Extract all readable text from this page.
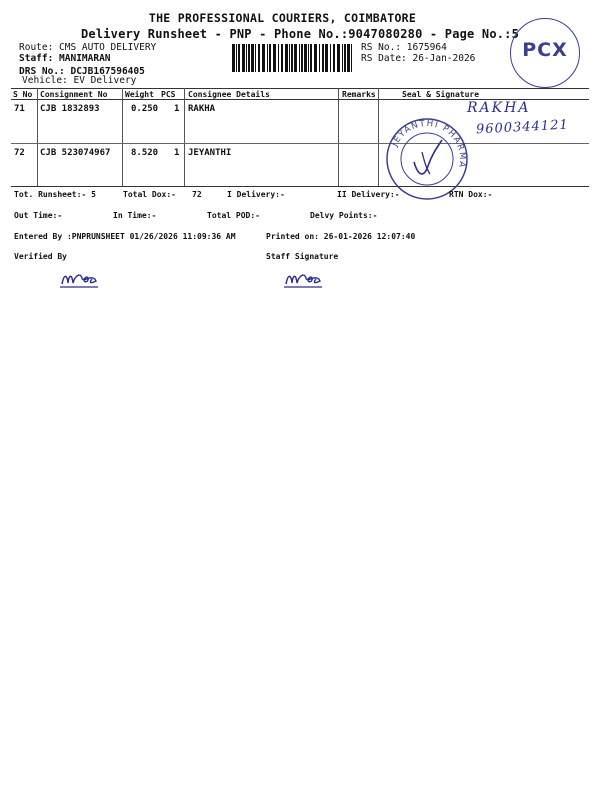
THE PROFESSIONAL COURIERS, COIMBATORE
Delivery Runsheet - PNP - Phone No.:9047080280 - Page No.:5
Route: CMS AUTO DELIVERY
Staff: MANIMARAN
DRS No.: DCJB167596405
Vehicle: EV Delivery
RS No.: 1675964
RS Date: 26-Jan-2026	PCX
S No Consignment No Weight PCS Consignee Details	Remarks	Seal & Signature
71 CJB 1832893	0.250 1 RAKHA
72 CJB 523074967 8.520 1 JEYANTHI
RAKHA
9600344121
JEYANTHI PHARMA
Tot. Runsheet:- 5	Total Dox:- 72	I Delivery:-	II Delivery:-	RTN Dox:-
Out Time:-	In Time:-	Total POD:-	Delvy Points:-
Entered By :PNPRUNSHEET 01/26/2026 11:09:36 AM	Printed on: 26-01-2026 12:07:40
Verified By	Staff Signature
